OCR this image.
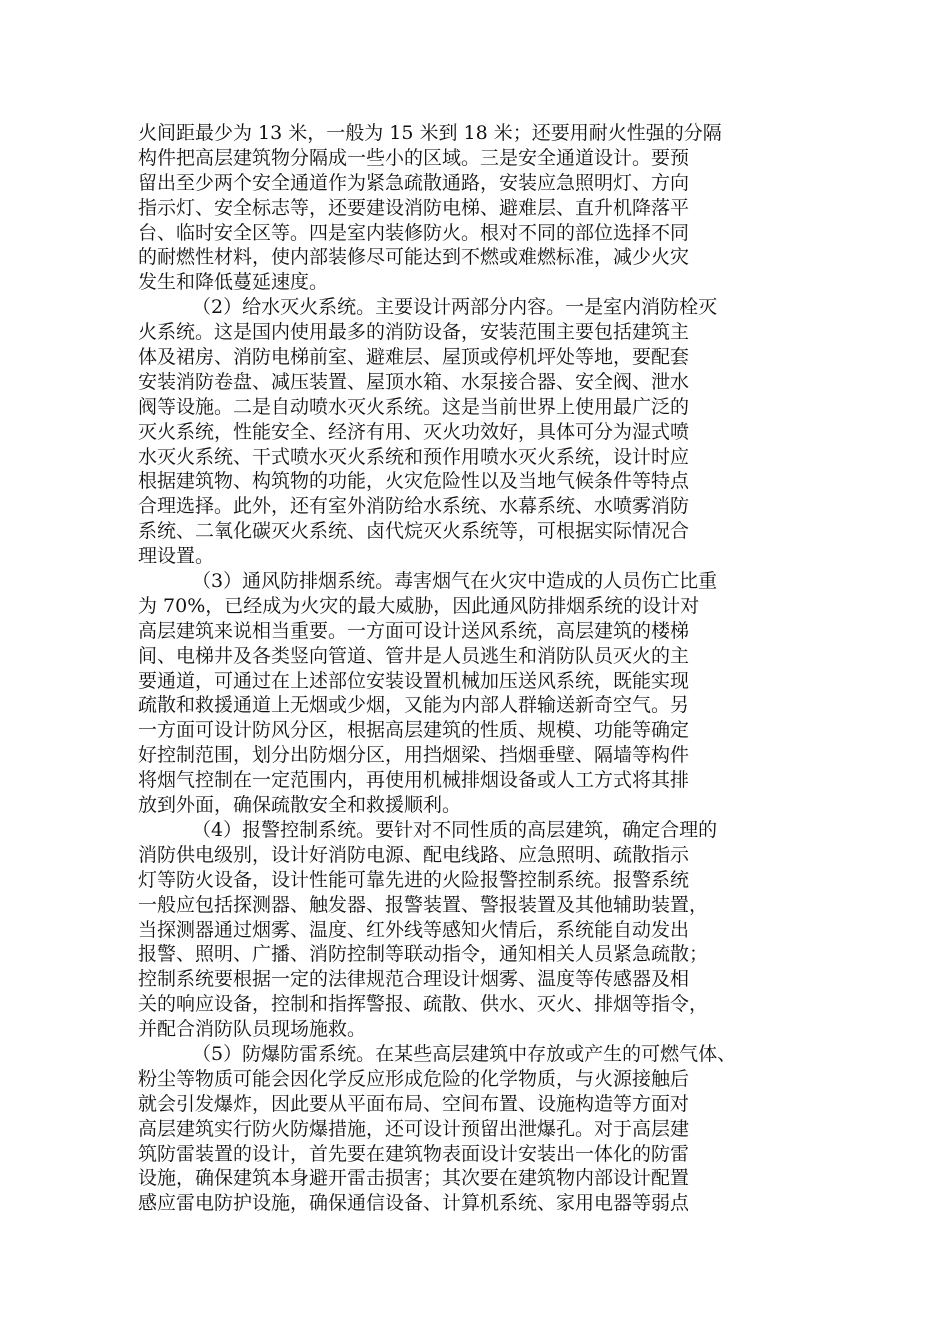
火间距最少为 13 米，一般为 15 米到 18 米；还要用耐火性强的分隔
构件把高层建筑物分隔成一些小的区域。三是安全通道设计。要预
留出至少两个安全通道作为紧急疏散通路，安装应急照明灯、方向
指示灯、安全标志等，还要建设消防电梯、避难层、直升机降落平
台、临时安全区等。四是室内装修防火。根对不同的部位选择不同
的耐燃性材料，使内部装修尽可能达到不燃或难燃标准，减少火灾
发生和降低蔓延速度。
（2）给水灭火系统。主要设计两部分内容。一是室内消防栓灭
火系统。这是国内使用最多的消防设备，安装范围主要包括建筑主
体及裙房、消防电梯前室、避难层、屋顶或停机坪处等地，要配套
安装消防卷盘、减压装置、屋顶水箱、水泵接合器、安全阀、泄水
阀等设施。二是自动喷水灭火系统。这是当前世界上使用最广泛的
灭火系统，性能安全、经济有用、灭火功效好，具体可分为湿式喷
水灭火系统、干式喷水灭火系统和预作用喷水灭火系统，设计时应
根据建筑物、构筑物的功能，火灾危险性以及当地气候条件等特点
合理选择。此外，还有室外消防给水系统、水幕系统、水喷雾消防
系统、二氧化碳灭火系统、卤代烷灭火系统等，可根据实际情况合
理设置。
（3）通风防排烟系统。毒害烟气在火灾中造成的人员伤亡比重
为 70%，已经成为火灾的最大威胁，因此通风防排烟系统的设计对
高层建筑来说相当重要。一方面可设计送风系统，高层建筑的楼梯
间、电梯井及各类竖向管道、管井是人员逃生和消防队员灭火的主
要通道，可通过在上述部位安装设置机械加压送风系统，既能实现
疏散和救援通道上无烟或少烟，又能为内部人群输送新奇空气。另
一方面可设计防风分区，根据高层建筑的性质、规模、功能等确定
好控制范围，划分出防烟分区，用挡烟梁、挡烟垂壁、隔墙等构件
将烟气控制在一定范围内，再使用机械排烟设备或人工方式将其排
放到外面，确保疏散安全和救援顺利。
（4）报警控制系统。要针对不同性质的高层建筑，确定合理的
消防供电级别，设计好消防电源、配电线路、应急照明、疏散指示
灯等防火设备，设计性能可靠先进的火险报警控制系统。报警系统
一般应包括探测器、触发器、报警装置、警报装置及其他辅助装置，
当探测器通过烟雾、温度、红外线等感知火情后，系统能自动发出
报警、照明、广播、消防控制等联动指令，通知相关人员紧急疏散；
控制系统要根据一定的法律规范合理设计烟雾、温度等传感器及相
关的响应设备，控制和指挥警报、疏散、供水、灭火、排烟等指令，
并配合消防队员现场施救。
（5）防爆防雷系统。在某些高层建筑中存放或产生的可燃气体、
粉尘等物质可能会因化学反应形成危险的化学物质，与火源接触后
就会引发爆炸，因此要从平面布局、空间布置、设施构造等方面对
高层建筑实行防火防爆措施，还可设计预留出泄爆孔。对于高层建
筑防雷装置的设计，首先要在建筑物表面设计安装出一体化的防雷
设施，确保建筑本身避开雷击损害；其次要在建筑物内部设计配置
感应雷电防护设施，确保通信设备、计算机系统、家用电器等弱点
